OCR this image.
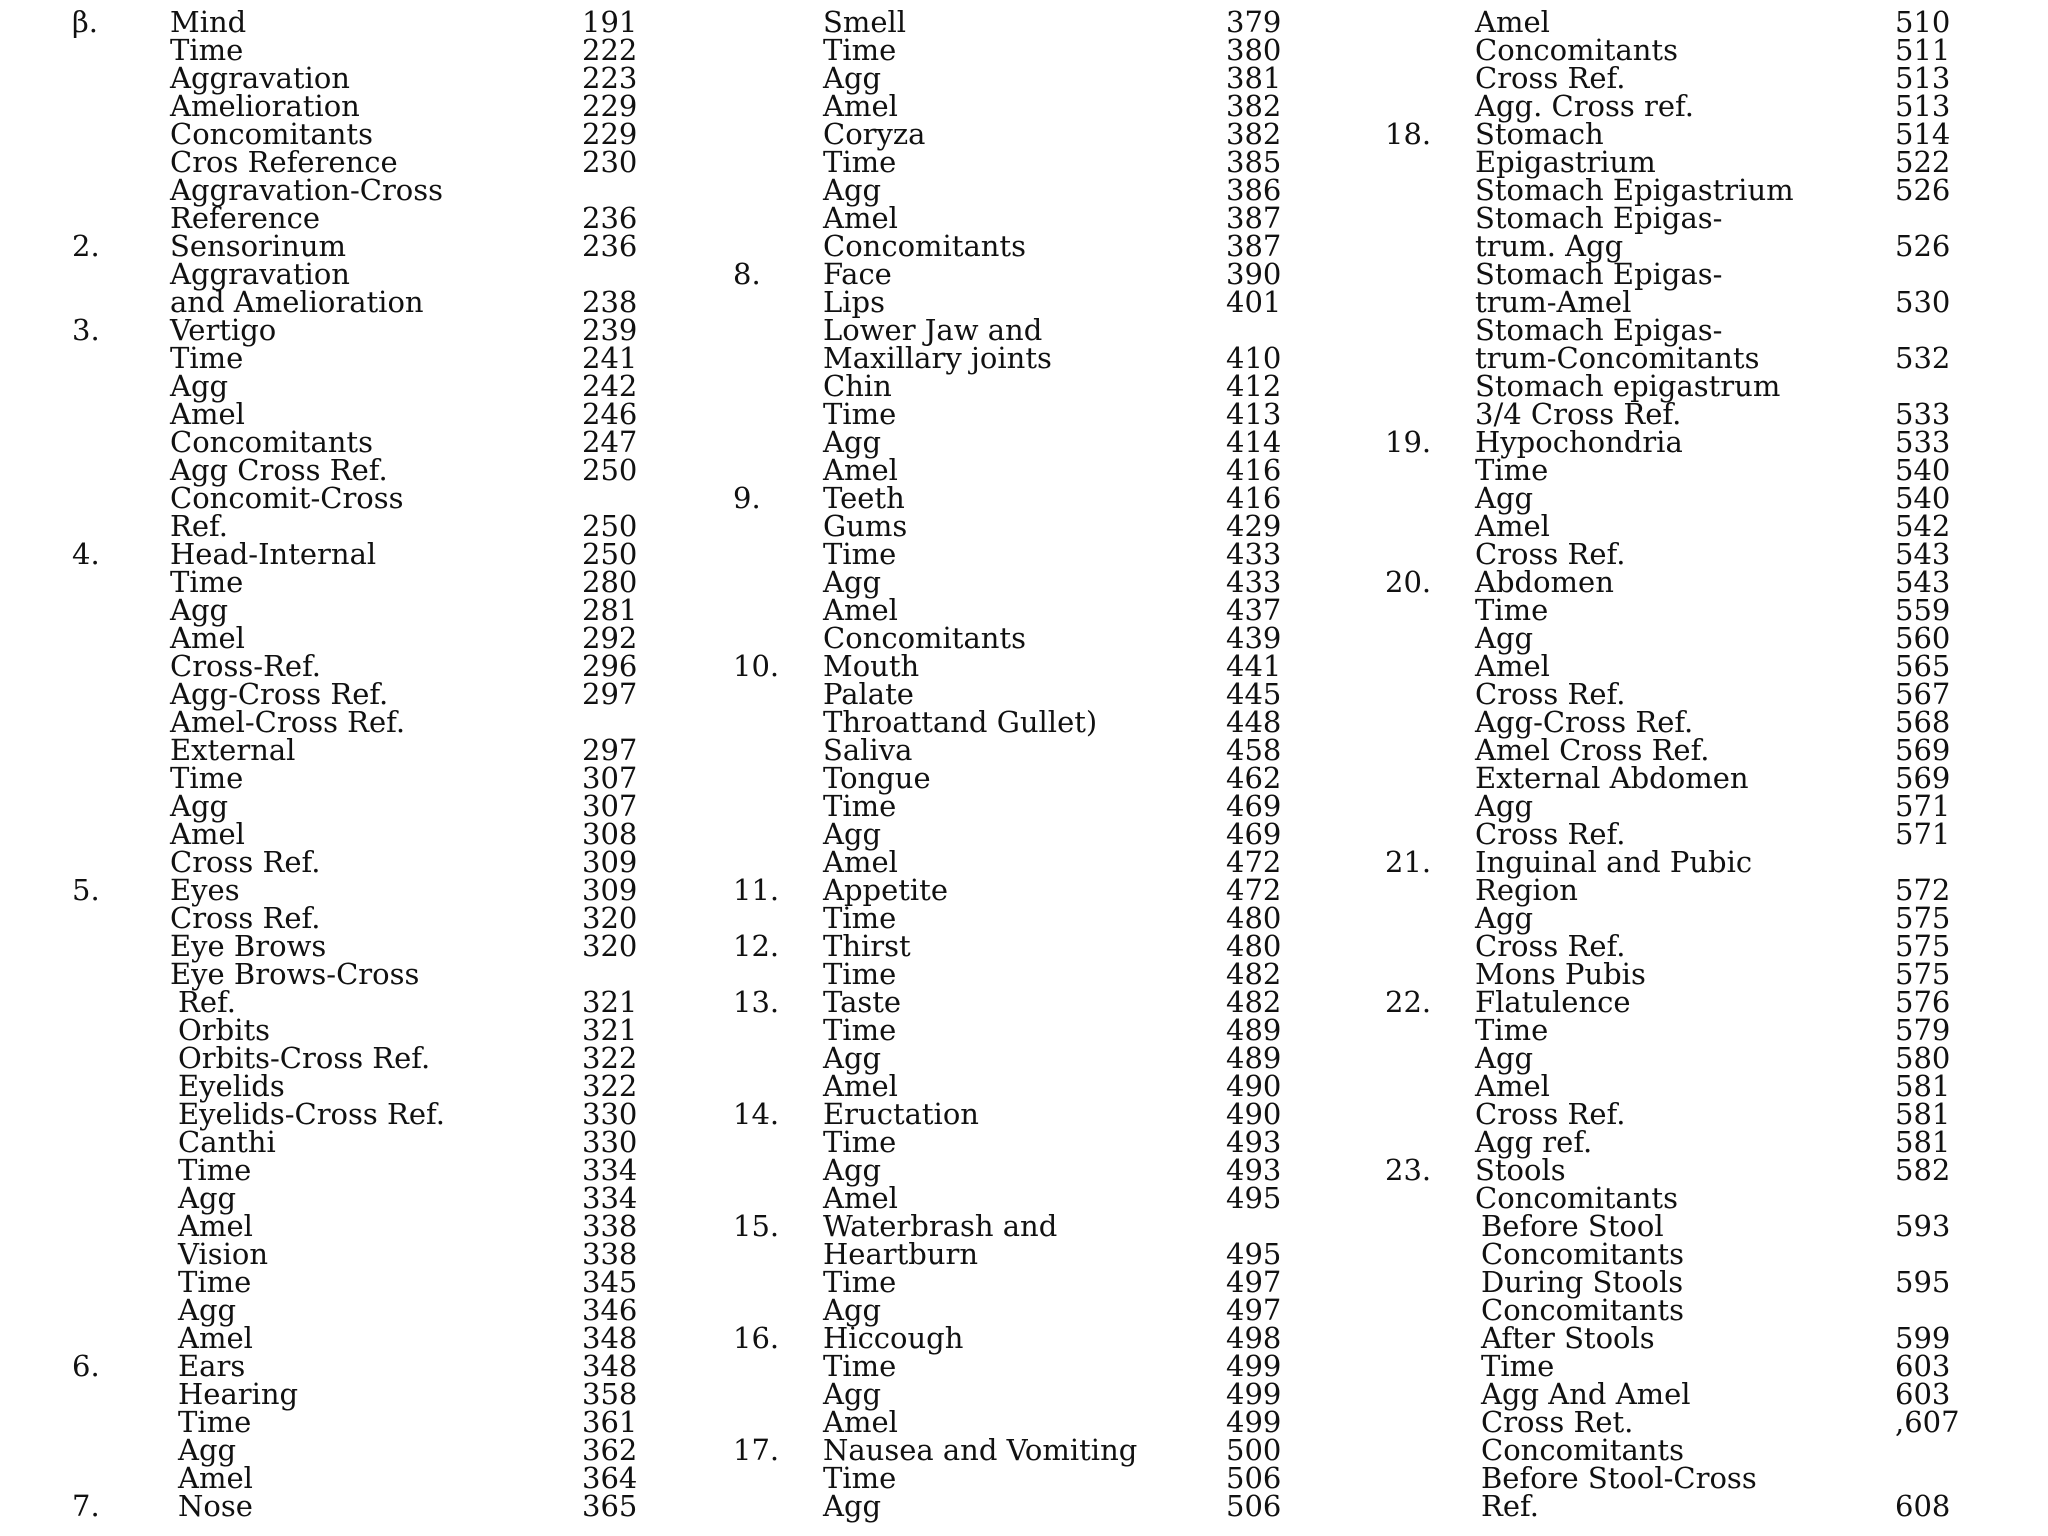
β. Mind	191
Time	222
Aggravation	223
Amelioration	229
Concomitants	229
Cros Reference	230
Aggravation-Cross
Reference	236
2. Sensorinum	236
Aggravation
and Amelioration	238
3. Vertigo	239
Time	241
Agg	242
Amel	246
Concomitants	247
Agg Cross Ref.	250
Concomit-Cross
Ref.	250
4. Head-Internal	250
Time	280
Agg	281
Amel	292
Cross-Ref.	296
Agg-Cross Ref.	297
Amel-Cross Ref.
External	297
Time	307
Agg	307
Amel	308
Cross Ref.	309
5. Eyes	309
Cross Ref.	320
Eye Brows	320
Eye Brows-Cross
Ref.	321
Orbits	321
Orbits-Cross Ref.	322
Eyelids	322
Eyelids-Cross Ref.	330
Canthi	330
Time	334
Agg	334
Amel	338
Vision	338
Time	345
Agg	346
Amel	348
6.	Ears	348
Hearing	358
Time	361
Agg	362
Amel	364
7.	Nose	365
Smell	379
Time	380
Agg	381
Amel	382
Coryza	382
Time	385
Agg	386
Amel	387
Concomitants	387
8. Face	390
Lips	401
Lower Jaw and
Maxillary joints	410
Chin	412
Time	413
Agg	414
Amel	416
9. Teeth	416
Gums	429
Time	433
Agg	433
Amel	437
Concomitants	439
10. Mouth	441
Palate	445
Throattand Gullet)	448
Saliva	458
Tongue	462
Time	469
Agg	469
Amel	472
11. Appetite	472
Time	480
12. Thirst	480
Time	482
13. Taste	482
Time	489
Agg	489
Amel	490
14. Eructation	490
Time	493
Agg	493
Amel	495
15. Waterbrash and
Heartburn	495
Time	497
Agg	497
16. Hiccough	498
Time	499
Agg	499
Amel	499
17. Nausea and Vomiting	500
Time	506
Agg	506
Amel	510
Concomitants	511
Cross Ref.	513
Agg. Cross ref.	513
18. Stomach	514
Epigastrium	522
Stomach Epigastrium	526
Stomach Epigas-
trum. Agg	526
Stomach Epigas-
trum-Amel	530
Stomach Epigas-
trum-Concomitants	532
Stomach epigastrum
3/4 Cross Ref.	533
19. Hypochondria	533
Time	540
Agg	540
Amel	542
Cross Ref.	543
20. Abdomen	543
Time	559
Agg	560
Amel	565
Cross Ref.	567
Agg-Cross Ref.	568
Amel Cross Ref.	569
External Abdomen	569
Agg	571
Cross Ref.	571
21. Inguinal and Pubic
Region	572
Agg	575
Cross Ref.	575
Mons Pubis	575
22. Flatulence	576
Time	579
Agg	580
Amel	581
Cross Ref.	581
Agg ref.	581
23. Stools	582
Concomitants
Before Stool	593
Concomitants
During Stools	595
Concomitants
After Stools	599
Time	603
Agg And Amel	603
Cross Ret.	,607
Concomitants
Before Stool-Cross
Ref.	608
